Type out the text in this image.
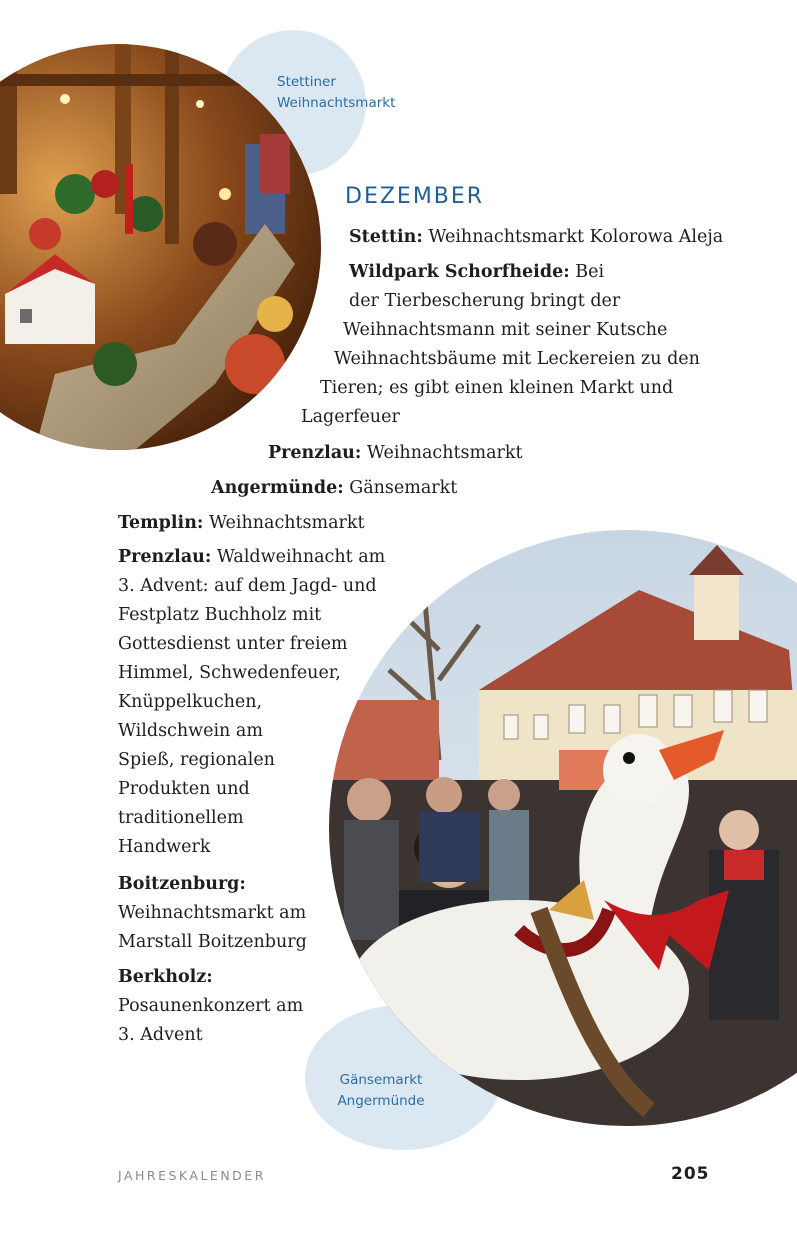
Stettiner
Weihnachtsmarkt
Gänsemarkt
Angermünde
DEZEMBER
Stettin: Weihnachtsmarkt Kolorowa Aleja
Wildpark Schorfheide: Bei
der Tierbescherung bringt der
Weihnachtsmann mit seiner Kutsche
Weihnachtsbäume mit Leckereien zu den
Tieren; es gibt einen kleinen Markt und
Lagerfeuer
Prenzlau: Weihnachtsmarkt
Angermünde: Gänsemarkt
Templin: Weihnachtsmarkt
Prenzlau: Waldweihnacht am
3. Advent: auf dem Jagd- und
Festplatz Buchholz mit
Gottesdienst unter freiem
Himmel, Schwedenfeuer,
Knüppelkuchen,
Wildschwein am
Spieß, regionalen
Produkten und
traditionellem
Handwerk
Boitzenburg:
Weihnachtsmarkt am
Marstall Boitzenburg
Berkholz:
Posaunenkonzert am
3. Advent
JAHRESKALENDER	205
